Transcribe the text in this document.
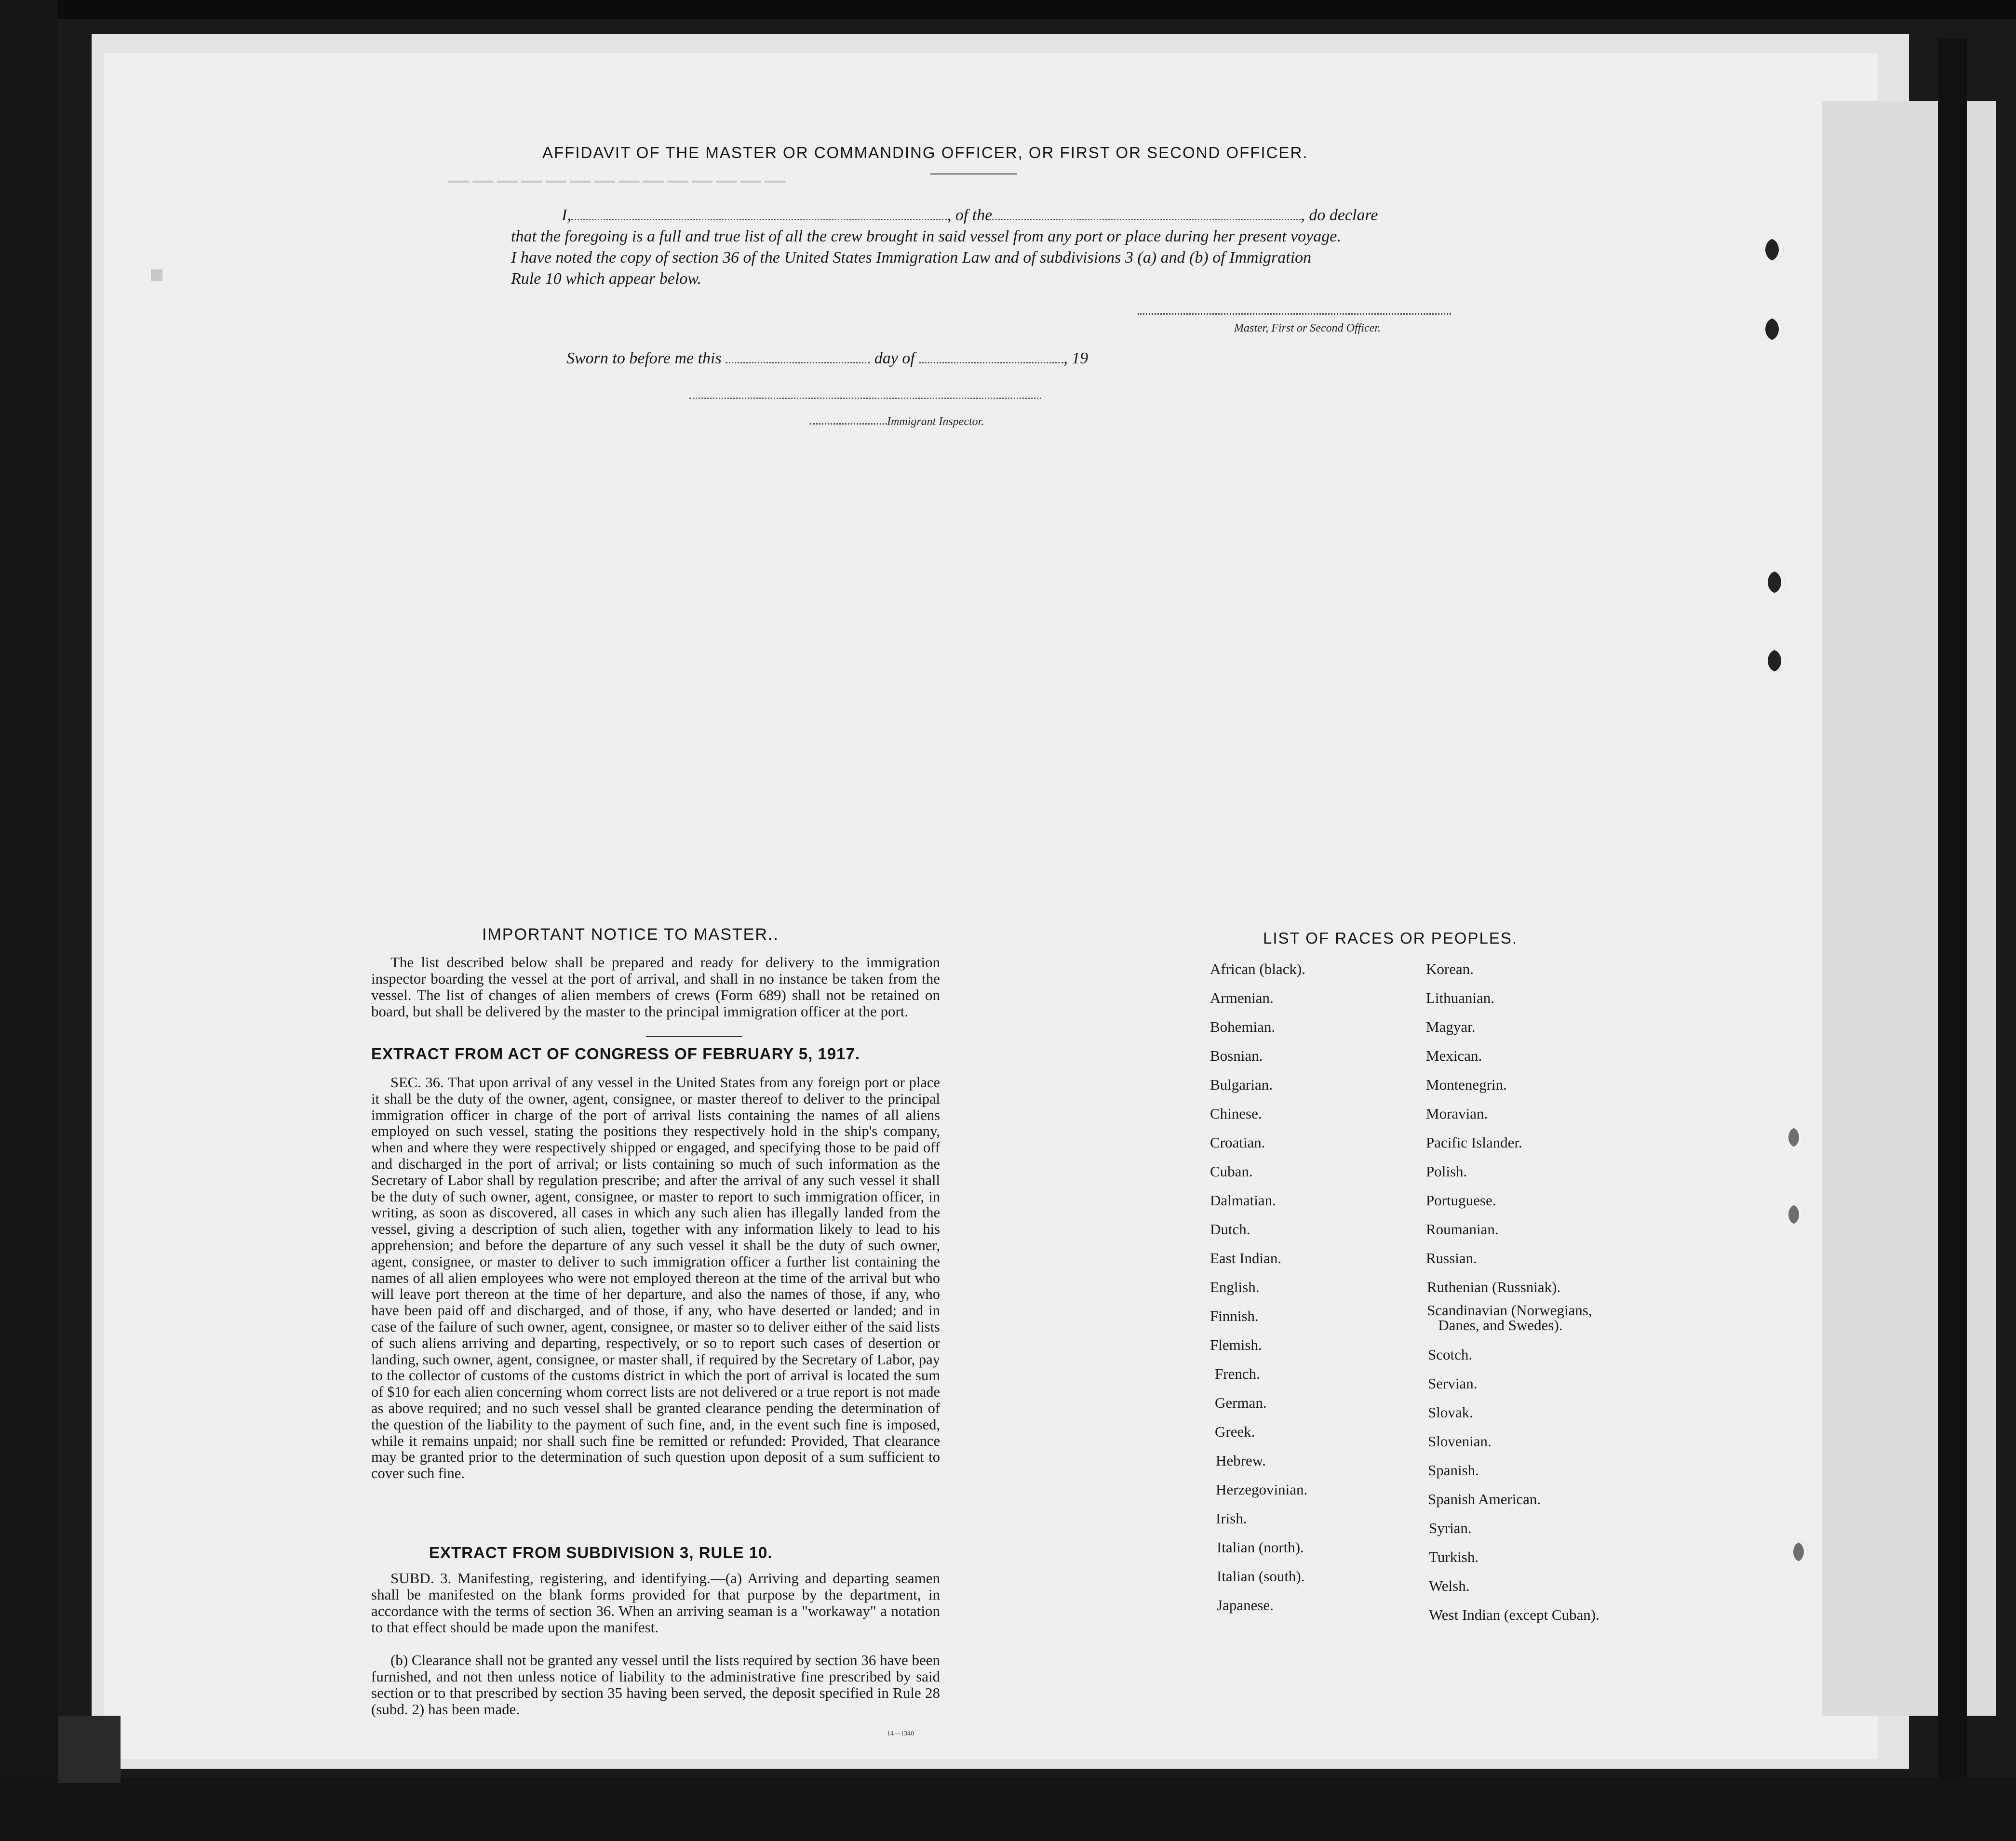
──────────────
■
AFFIDAVIT OF THE MASTER OR COMMANDING OFFICER, OR FIRST OR SECOND OFFICER.
I,	, of the	, do declare
that the foregoing is a full and true list of all the crew brought in said vessel from any port or place during her present voyage.
I have noted the copy of section 36 of the United States Immigration Law and of subdivisions 3 (a) and (b) of Immigration
Rule 10 which appear below.
Master, First or Second Officer.
Sworn to before me this	day of	, 19
Immigrant Inspector.
IMPORTANT NOTICE TO MASTER..
The list described below shall be prepared and ready for delivery to the immigration inspector boarding the vessel at the port of arrival, and shall in no instance be taken from the vessel. The list of changes of alien members of crews (Form 689) shall not be retained on board, but shall be delivered by the master to the principal immigration officer at the port.
EXTRACT FROM ACT OF CONGRESS OF FEBRUARY 5, 1917.
SEC. 36. That upon arrival of any vessel in the United States from any foreign port or place it shall be the duty of the owner, agent, consignee, or master thereof to deliver to the principal immigration officer in charge of the port of arrival lists containing the names of all aliens employed on such vessel, stating the positions they respectively hold in the ship's company, when and where they were respectively shipped or engaged, and specifying those to be paid off and discharged in the port of arrival; or lists containing so much of such information as the Secretary of Labor shall by regulation prescribe; and after the arrival of any such vessel it shall be the duty of such owner, agent, consignee, or master to report to such immigration officer, in writing, as soon as discovered, all cases in which any such alien has illegally landed from the vessel, giving a description of such alien, together with any information likely to lead to his apprehension; and before the departure of any such vessel it shall be the duty of such owner, agent, consignee, or master to deliver to such immigration officer a further list containing the names of all alien employees who were not employed thereon at the time of the arrival but who will leave port thereon at the time of her departure, and also the names of those, if any, who have been paid off and discharged, and of those, if any, who have deserted or landed; and in case of the failure of such owner, agent, consignee, or master so to deliver either of the said lists of such aliens arriving and departing, respectively, or so to report such cases of desertion or landing, such owner, agent, consignee, or master shall, if required by the Secretary of Labor, pay to the collector of customs of the customs district in which the port of arrival is located the sum of $10 for each alien concerning whom correct lists are not delivered or a true report is not made as above required; and no such vessel shall be granted clearance pending the determination of the question of the liability to the payment of such fine, and, in the event such fine is imposed, while it remains unpaid; nor shall such fine be remitted or refunded: Provided, That clearance may be granted prior to the determination of such question upon deposit of a sum sufficient to cover such fine.
EXTRACT FROM SUBDIVISION 3, RULE 10.
SUBD. 3. Manifesting, registering, and identifying.—(a) Arriving and departing seamen shall be manifested on the blank forms provided for that purpose by the department, in accordance with the terms of section 36. When an arriving seaman is a "workaway" a notation to that effect should be made upon the manifest.
(b) Clearance shall not be granted any vessel until the lists required by section 36 have been furnished, and not then unless notice of liability to the administrative fine prescribed by said section or to that prescribed by section 35 having been served, the deposit specified in Rule 28 (subd. 2) has been made.
14—1340
LIST OF RACES OR PEOPLES.
African (black).
Armenian.
Bohemian.
Bosnian.
Bulgarian.
Chinese.
Croatian.
Cuban.
Dalmatian.
Dutch.
East Indian.
English.
Finnish.
Flemish.
French.
German.
Greek.
Hebrew.
Herzegovinian.
Irish.
Italian (north).
Italian (south).
Japanese.
Korean.
Lithuanian.
Magyar.
Mexican.
Montenegrin.
Moravian.
Pacific Islander.
Polish.
Portuguese.
Roumanian.
Russian.
Ruthenian (Russniak).
Scandinavian (Norwegians,
Danes, and Swedes).
Scotch.
Servian.
Slovak.
Slovenian.
Spanish.
Spanish American.
Syrian.
Turkish.
Welsh.
West Indian (except Cuban).
